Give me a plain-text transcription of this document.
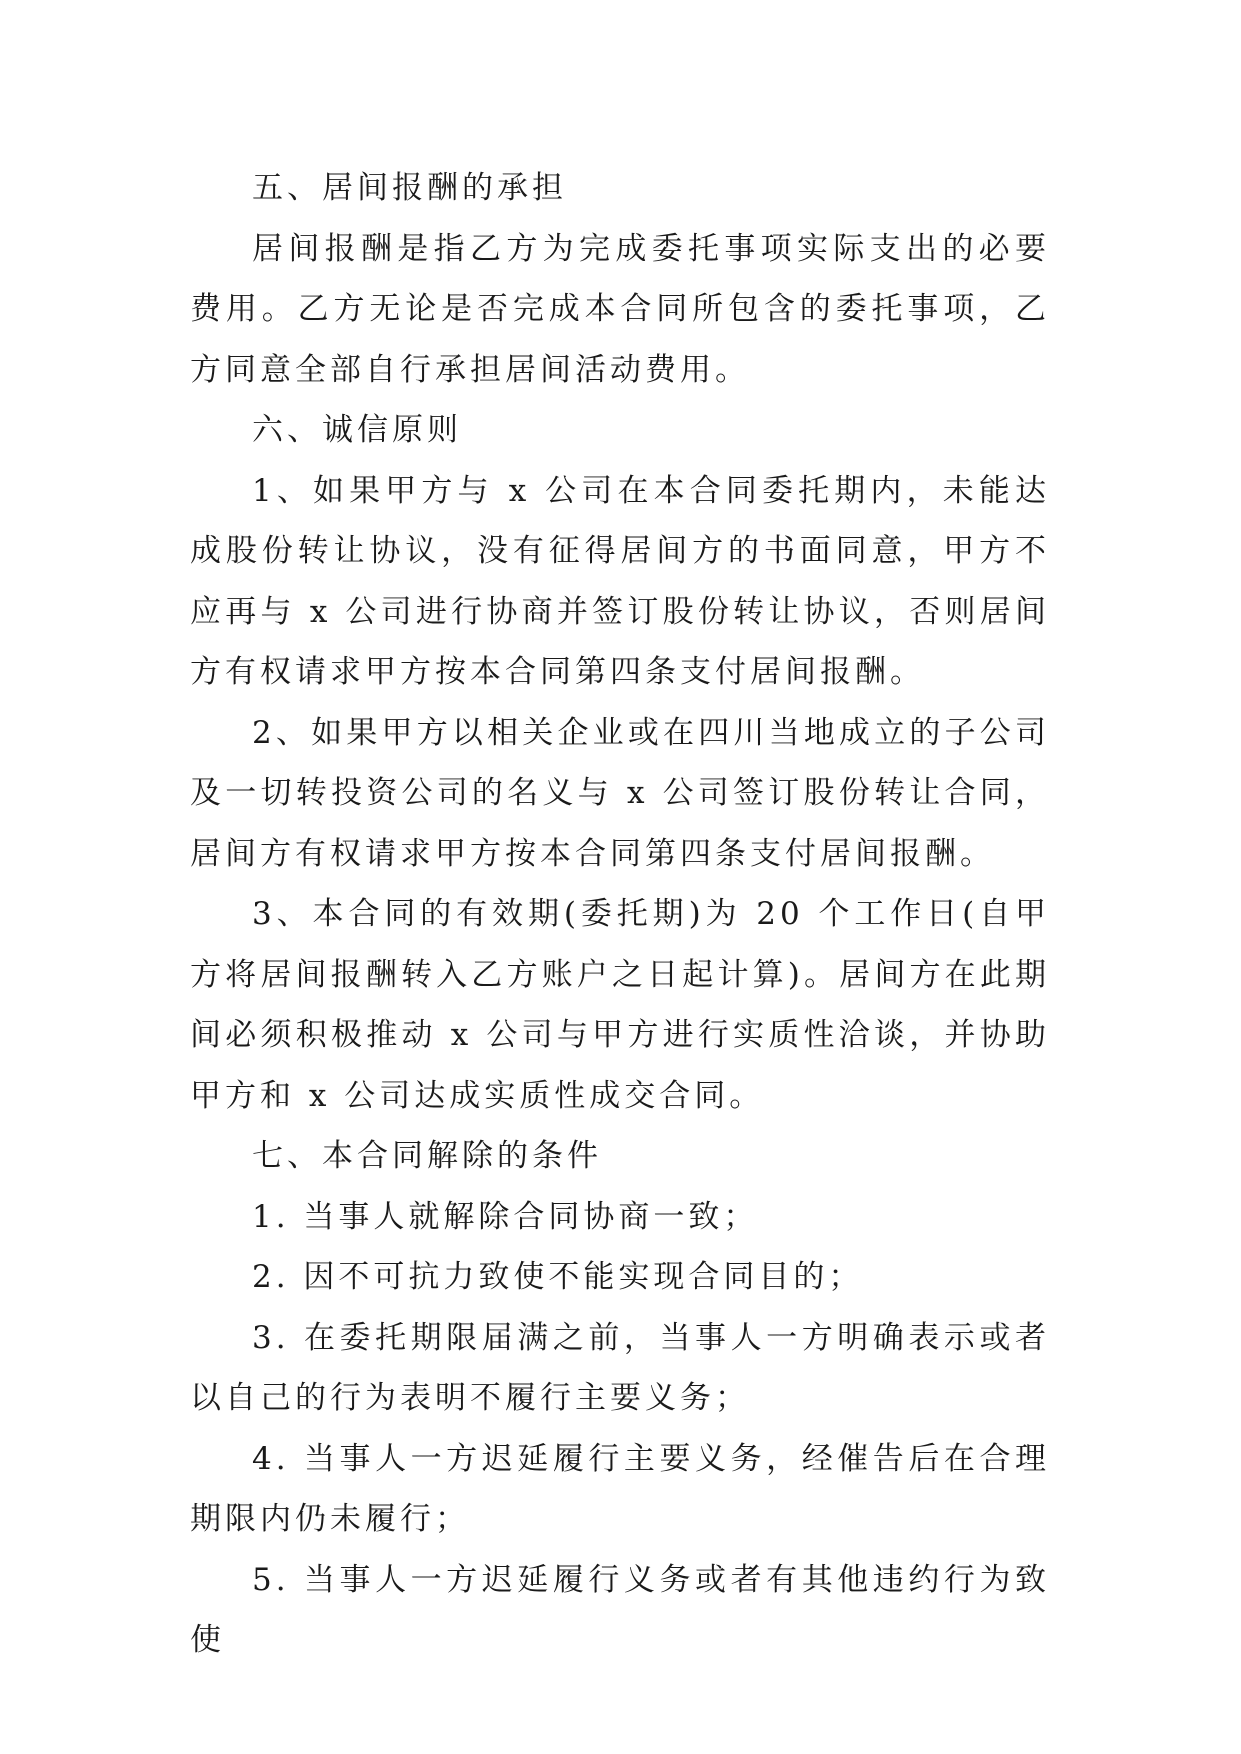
五、居间报酬的承担

居间报酬是指乙方为完成委托事项实际支出的必要费用。乙方无论是否完成本合同所包含的委托事项，乙方同意全部自行承担居间活动费用。

六、诚信原则

1、如果甲方与 x 公司在本合同委托期内，未能达成股份转让协议，没有征得居间方的书面同意，甲方不应再与 x 公司进行协商并签订股份转让协议，否则居间方有权请求甲方按本合同第四条支付居间报酬。

2、如果甲方以相关企业或在四川当地成立的子公司及一切转投资公司的名义与 x 公司签订股份转让合同，居间方有权请求甲方按本合同第四条支付居间报酬。

3、本合同的有效期(委托期)为 20 个工作日(自甲方将居间报酬转入乙方账户之日起计算)。居间方在此期间必须积极推动 x 公司与甲方进行实质性洽谈，并协助甲方和 x 公司达成实质性成交合同。

七、本合同解除的条件

1. 当事人就解除合同协商一致；

2. 因不可抗力致使不能实现合同目的；

3. 在委托期限届满之前，当事人一方明确表示或者以自己的行为表明不履行主要义务；

4. 当事人一方迟延履行主要义务，经催告后在合理期限内仍未履行；

5. 当事人一方迟延履行义务或者有其他违约行为致使
